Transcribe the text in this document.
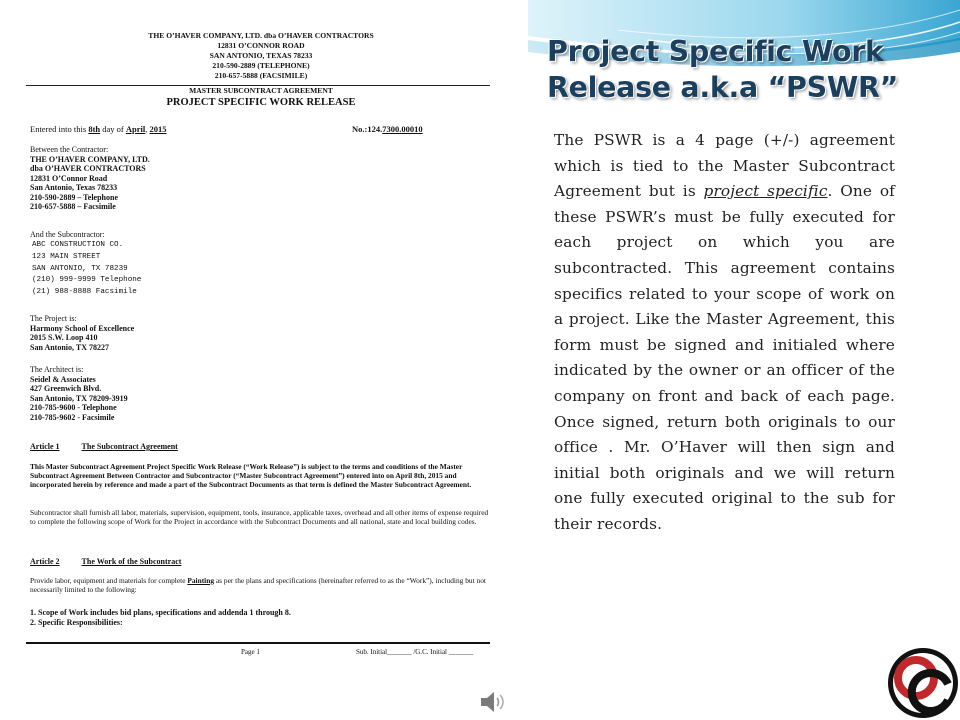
THE O’HAVER COMPANY, LTD. dba O’HAVER CONTRACTORS
12831 O’CONNOR ROAD
SAN ANTONIO, TEXAS 78233
210-590-2889 (TELEPHONE)
210-657-5888 (FACSIMILE)
MASTER SUBCONTRACT AGREEMENT
PROJECT SPECIFIC WORK RELEASE
Entered into this 8th day of April, 2015	No.:124.7300.00010
Between the Contractor:
THE O’HAVER COMPANY, LTD.
dba O’HAVER CONTRACTORS
12831 O’Connor Road
San Antonio, Texas 78233
210-590-2889 – Telephone
210-657-5888 – Facsimile
And the Subcontractor:
ABC CONSTRUCTION CO.
123 MAIN STREET
SAN ANTONIO, TX 78239
(210) 999-9999 Telephone
(21) 988-8888 Facsimile
The Project is:
Harmony School of Excellence
2015 S.W. Loop 410
San Antonio, TX 78227
The Architect is:
Seidel & Associates
427 Greenwich Blvd.
San Antonio, TX 78209-3919
210-785-9600 - Telephone
210-785-9602 - Facsimile
Article 1	The Subcontract Agreement
This Master Subcontract Agreement Project Specific Work Release (“Work Release”) is subject to the terms and conditions of the Master Subcontract Agreement Between Contractor and Subcontractor (“Master Subcontract Agreement”) entered into on April 8th, 2015 and incorporated herein by reference and made a part of the Subcontract Documents as that term is defined the Master Subcontract Agreement.
Subcontractor shall furnish all labor, materials, supervision, equipment, tools, insurance, applicable taxes, overhead and all other items of expense required to complete the following scope of Work for the Project in accordance with the Subcontract Documents and all national, state and local building codes.
Article 2	The Work of the Subcontract
Provide labor, equipment and materials for complete Painting as per the plans and specifications (hereinafter referred to as the “Work”), including but not necessarily limited to the following:
1. Scope of Work includes bid plans, specifications and addenda 1 through 8.
2. Specific Responsibilities:
Page 1	Sub. Initial_______ /G.C. Initial _______
Project Specific Work
Release a.k.a “PSWR”
The PSWR is a 4 page (+/-) agreement which is tied to the Master Subcontract Agreement but is project specific. One of these PSWR’s must be fully executed for each project on which you are subcontracted. This agreement contains specifics related to your scope of work on a project. Like the Master Agreement, this form must be signed and initialed where indicated by the owner or an officer of the company on front and back of each page. Once signed, return both originals to our office . Mr. O’Haver will then sign and initial both originals and we will return one fully executed original to the sub for their records.
